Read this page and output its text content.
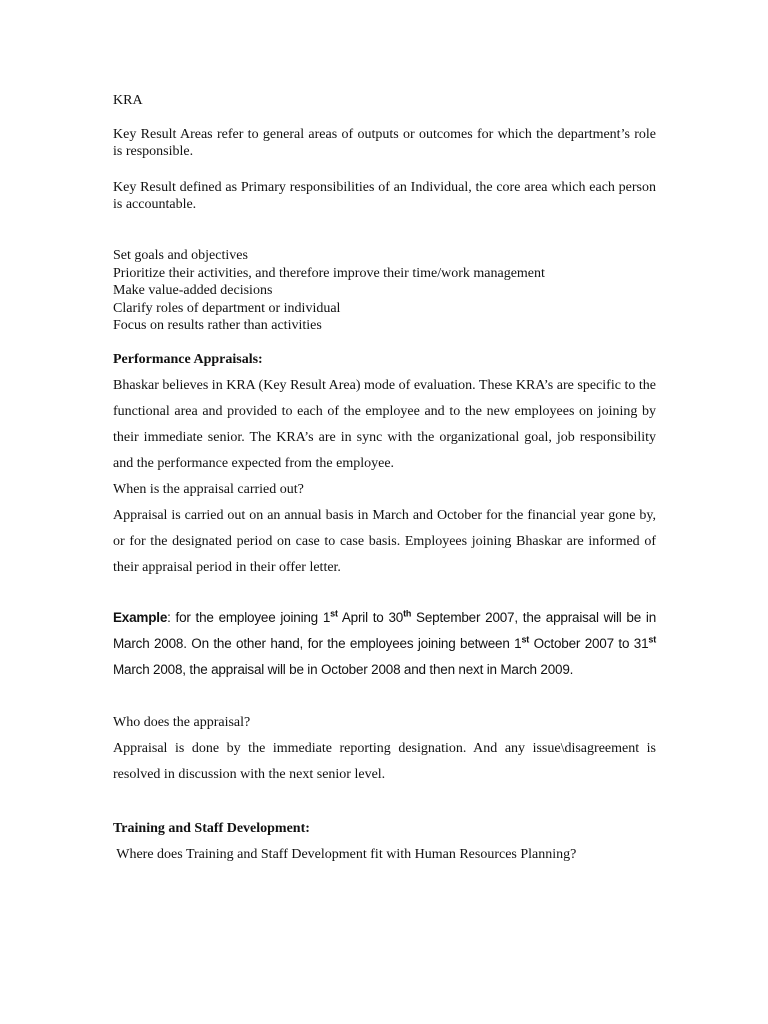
KRA

Key Result Areas refer to general areas of outputs or outcomes for which the department’s role is responsible.

Key Result defined as Primary responsibilities of an Individual, the core area which each person is accountable.

Set goals and objectives
Prioritize their activities, and therefore improve their time/work management
Make value-added decisions
Clarify roles of department or individual
Focus on results rather than activities

Performance Appraisals:

Bhaskar believes in KRA (Key Result Area) mode of evaluation. These KRA’s are specific to the functional area and provided to each of the employee and to the new employees on joining by their immediate senior. The KRA’s are in sync with the organizational goal, job responsibility and the performance expected from the employee.

When is the appraisal carried out?

Appraisal is carried out on an annual basis in March and October for the financial year gone by, or for the designated period on case to case basis. Employees joining Bhaskar are informed of their appraisal period in their offer letter.

Example: for the employee joining 1st April to 30th September 2007, the appraisal will be in March 2008. On the other hand, for the employees joining between 1st October 2007 to 31st March 2008, the appraisal will be in October 2008 and then next in March 2009.

Who does the appraisal?

Appraisal is done by the immediate reporting designation. And any issue\disagreement is resolved in discussion with the next senior level.

Training and Staff Development:

Where does Training and Staff Development fit with Human Resources Planning?
